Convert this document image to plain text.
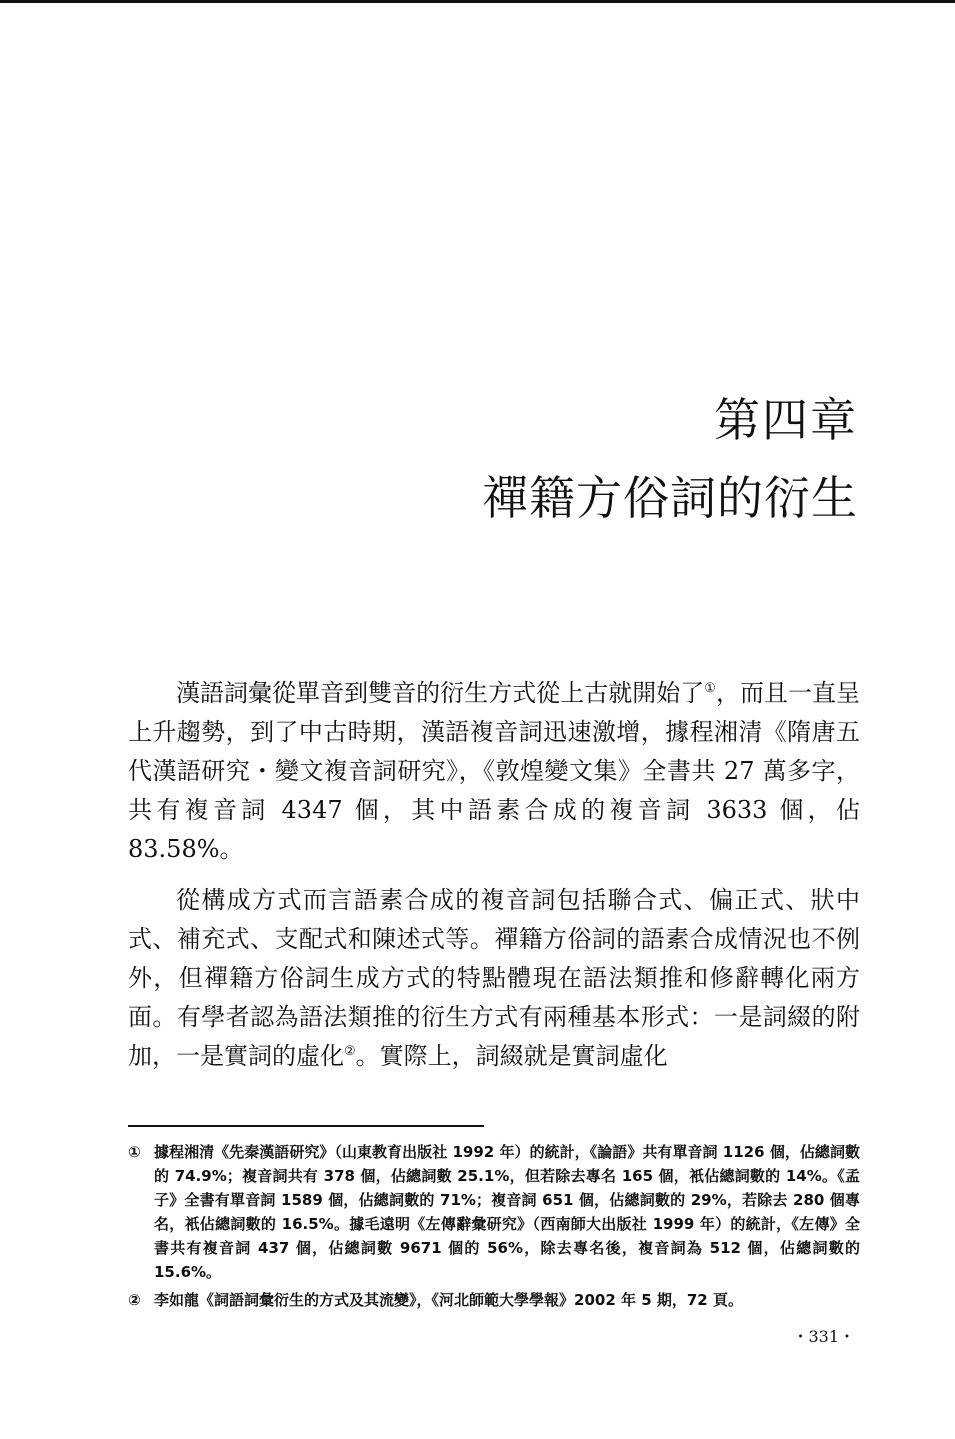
第四章
禪籍方俗詞的衍生

漢語詞彙從單音到雙音的衍生方式從上古就開始了①，而且一直呈上升趨勢，到了中古時期，漢語複音詞迅速激增，據程湘清《隋唐五代漢語研究・變文複音詞研究》，《敦煌變文集》全書共 27 萬多字，共有複音詞 4347 個，其中語素合成的複音詞 3633 個，佔 83.58%。

從構成方式而言語素合成的複音詞包括聯合式、偏正式、狀中式、補充式、支配式和陳述式等。禪籍方俗詞的語素合成情況也不例外，但禪籍方俗詞生成方式的特點體現在語法類推和修辭轉化兩方面。有學者認為語法類推的衍生方式有兩種基本形式：一是詞綴的附加，一是實詞的虛化②。實際上，詞綴就是實詞虛化

① 據程湘清《先秦漢語研究》（山東教育出版社 1992 年）的統計，《論語》共有單音詞 1126 個，佔總詞數的 74.9%；複音詞共有 378 個，佔總詞數 25.1%，但若除去專名 165 個，衹佔總詞數的 14%。《孟子》全書有單音詞 1589 個，佔總詞數的 71%；複音詞 651 個，佔總詞數的 29%，若除去 280 個專名，衹佔總詞數的 16.5%。據毛遠明《左傳辭彙研究》（西南師大出版社 1999 年）的統計，《左傳》全書共有複音詞 437 個，佔總詞數 9671 個的 56%，除去專名後，複音詞為 512 個，佔總詞數的 15.6%。
② 李如龍《詞語詞彙衍生的方式及其流變》，《河北師範大學學報》2002 年 5 期，72 頁。
・331・
